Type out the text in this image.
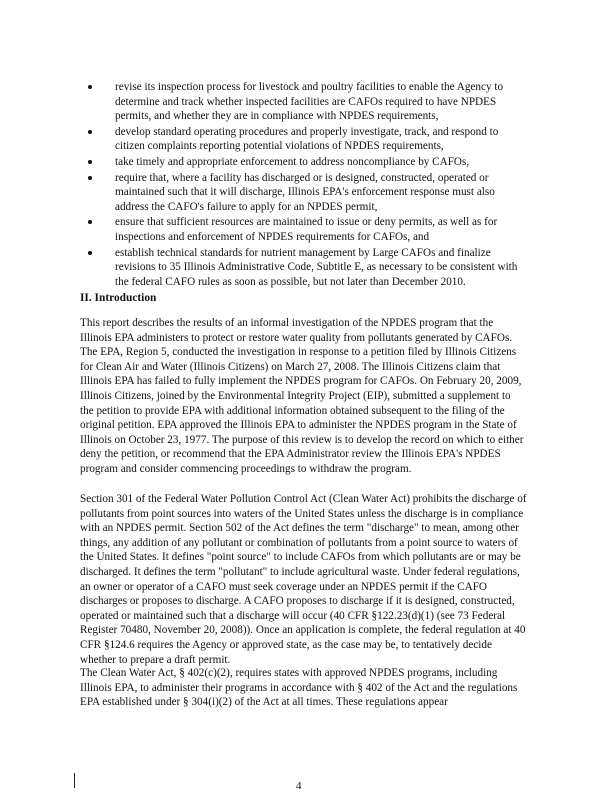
revise its inspection process for livestock and poultry facilities to enable the Agency to determine and track whether inspected facilities are CAFOs required to have NPDES permits, and whether they are in compliance with NPDES requirements,
develop standard operating procedures and properly investigate, track, and respond to citizen complaints reporting potential violations of NPDES requirements,
take timely and appropriate enforcement to address noncompliance by CAFOs,
require that, where a facility has discharged or is designed, constructed, operated or maintained such that it will discharge, Illinois EPA's enforcement response must also address the CAFO's failure to apply for an NPDES permit,
ensure that sufficient resources are maintained to issue or deny permits, as well as for inspections and enforcement of NPDES requirements for CAFOs, and
establish technical standards for nutrient management by Large CAFOs and finalize revisions to 35 Illinois Administrative Code, Subtitle E, as necessary to be consistent with the federal CAFO rules as soon as possible, but not later than December 2010.
II. Introduction

This report describes the results of an informal investigation of the NPDES program that the Illinois EPA administers to protect or restore water quality from pollutants generated by CAFOs. The EPA, Region 5, conducted the investigation in response to a petition filed by Illinois Citizens for Clean Air and Water (Illinois Citizens) on March 27, 2008. The Illinois Citizens claim that Illinois EPA has failed to fully implement the NPDES program for CAFOs. On February 20, 2009, Illinois Citizens, joined by the Environmental Integrity Project (EIP), submitted a supplement to the petition to provide EPA with additional information obtained subsequent to the filing of the original petition. EPA approved the Illinois EPA to administer the NPDES program in the State of Illinois on October 23, 1977. The purpose of this review is to develop the record on which to either deny the petition, or recommend that the EPA Administrator review the Illinois EPA's NPDES program and consider commencing proceedings to withdraw the program.

Section 301 of the Federal Water Pollution Control Act (Clean Water Act) prohibits the discharge of pollutants from point sources into waters of the United States unless the discharge is in compliance with an NPDES permit. Section 502 of the Act defines the term "discharge" to mean, among other things, any addition of any pollutant or combination of pollutants from a point source to waters of the United States. It defines "point source" to include CAFOs from which pollutants are or may be discharged. It defines the term "pollutant" to include agricultural waste. Under federal regulations, an owner or operator of a CAFO must seek coverage under an NPDES permit if the CAFO discharges or proposes to discharge. A CAFO proposes to discharge if it is designed, constructed, operated or maintained such that a discharge will occur (40 CFR §122.23(d)(1) (see 73 Federal Register 70480, November 20, 2008)). Once an application is complete, the federal regulation at 40 CFR §124.6 requires the Agency or approved state, as the case may be, to tentatively decide whether to prepare a draft permit.

The Clean Water Act, § 402(c)(2), requires states with approved NPDES programs, including Illinois EPA, to administer their programs in accordance with § 402 of the Act and the regulations EPA established under § 304(i)(2) of the Act at all times. These regulations appear

4
